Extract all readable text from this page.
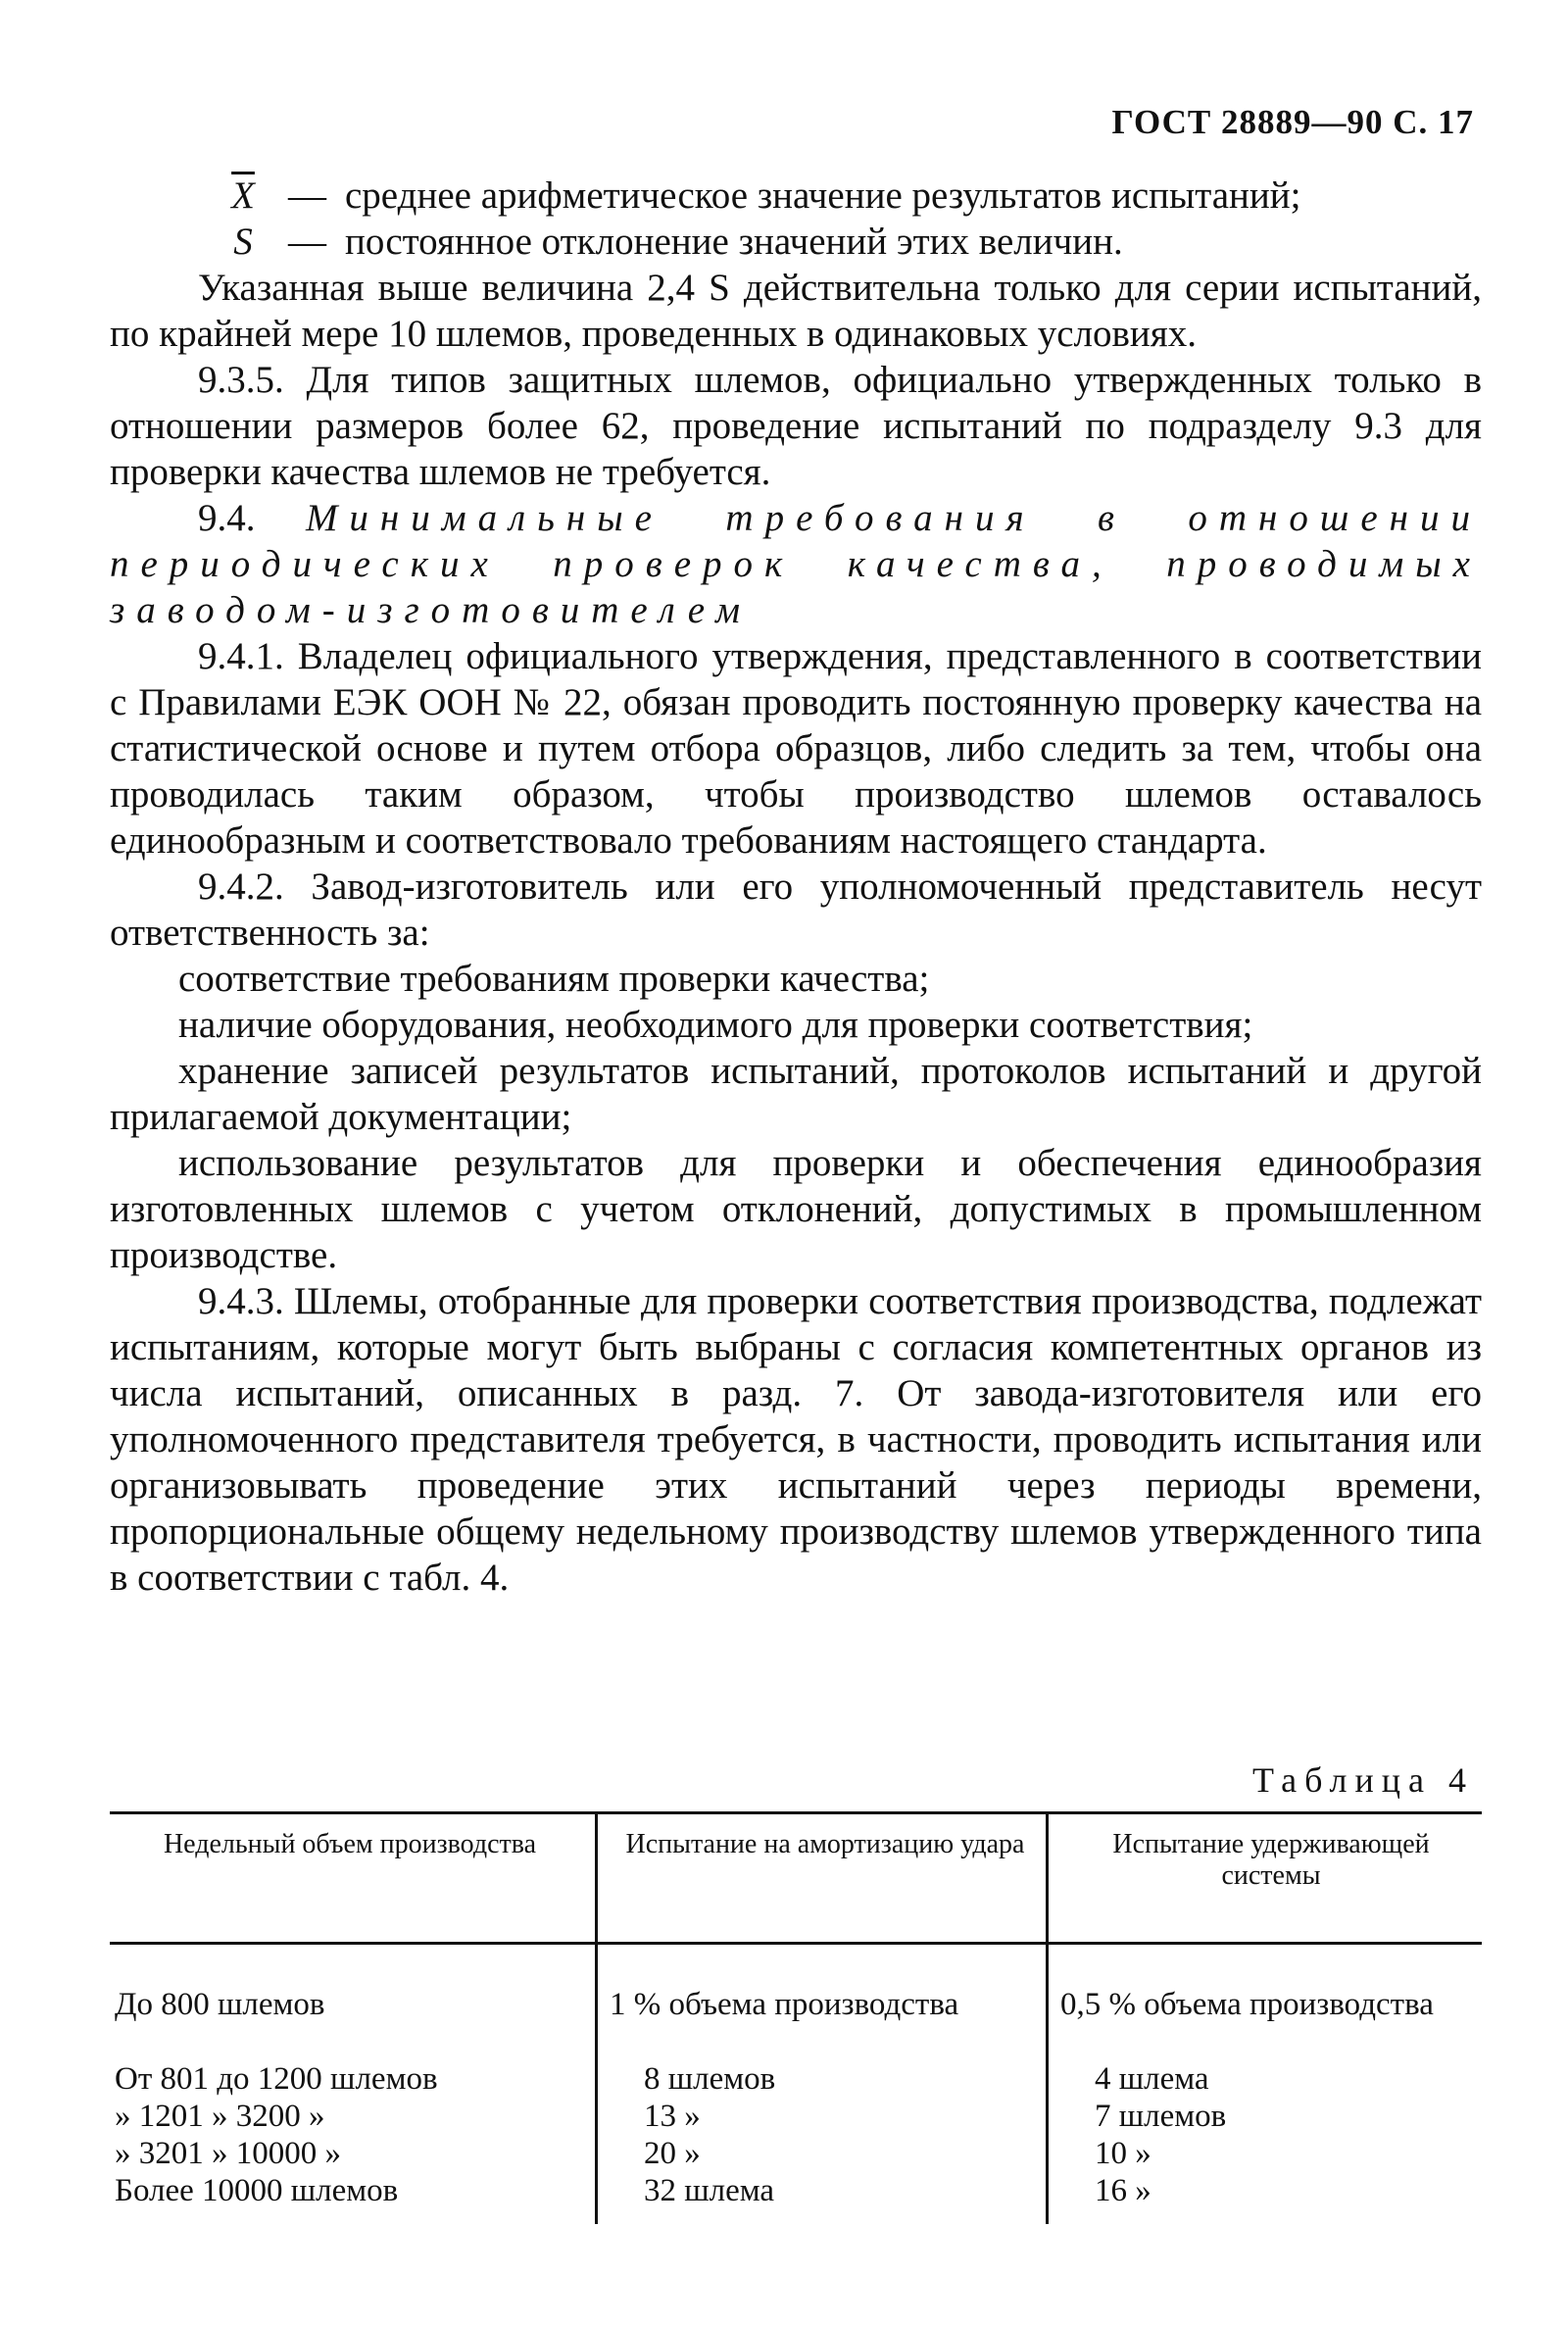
ГОСТ 28889—90 С. 17

$\overline{X}$ — среднее арифметическое значение результатов испытаний;

S — постоянное отклонение значений этих величин.

Указанная выше величина 2,4 S действительна только для серии испытаний, по крайней мере 10 шлемов, проведенных в одинаковых условиях.

9.3.5. Для типов защитных шлемов, официально утвержденных только в отношении размеров более 62, проведение испытаний по подразделу 9.3 для проверки качества шлемов не требуется.

9.4. Минимальные требования в отношении периодических проверок качества, проводимых заводом-изготовителем

9.4.1. Владелец официального утверждения, представленного в соответствии с Правилами ЕЭК ООН № 22, обязан проводить постоянную проверку качества на статистической основе и путем отбора образцов, либо следить за тем, чтобы она проводилась таким образом, чтобы производство шлемов оставалось единообразным и соответствовало требованиям настоящего стандарта.

9.4.2. Завод-изготовитель или его уполномоченный представитель несут ответственность за:

соответствие требованиям проверки качества;

наличие оборудования, необходимого для проверки соответствия;

хранение записей результатов испытаний, протоколов испытаний и другой прилагаемой документации;

использование результатов для проверки и обеспечения единообразия изготовленных шлемов с учетом отклонений, допустимых в промышленном производстве.

9.4.3. Шлемы, отобранные для проверки соответствия производства, подлежат испытаниям, которые могут быть выбраны с согласия компетентных органов из числа испытаний, описанных в разд. 7. От завода-изготовителя или его уполномоченного представителя требуется, в частности, проводить испытания или организовывать проведение этих испытаний через периоды времени, пропорциональные общему недельному производству шлемов утвержденного типа в соответствии с табл. 4.

Таблица 4
Недельный объем производства	Испытание на амортизацию удара	Испытание удерживающей системы
До 800 шлемов	1 % объема производства	0,5 % объема производства
От 801 до 1200 шлемов	8 шлемов	4 шлема
» 1201 » 3200 »	13 »	7 шлемов
» 3201 » 10000 »	20 »	10 »
Более 10000 шлемов	32 шлема	16 »
